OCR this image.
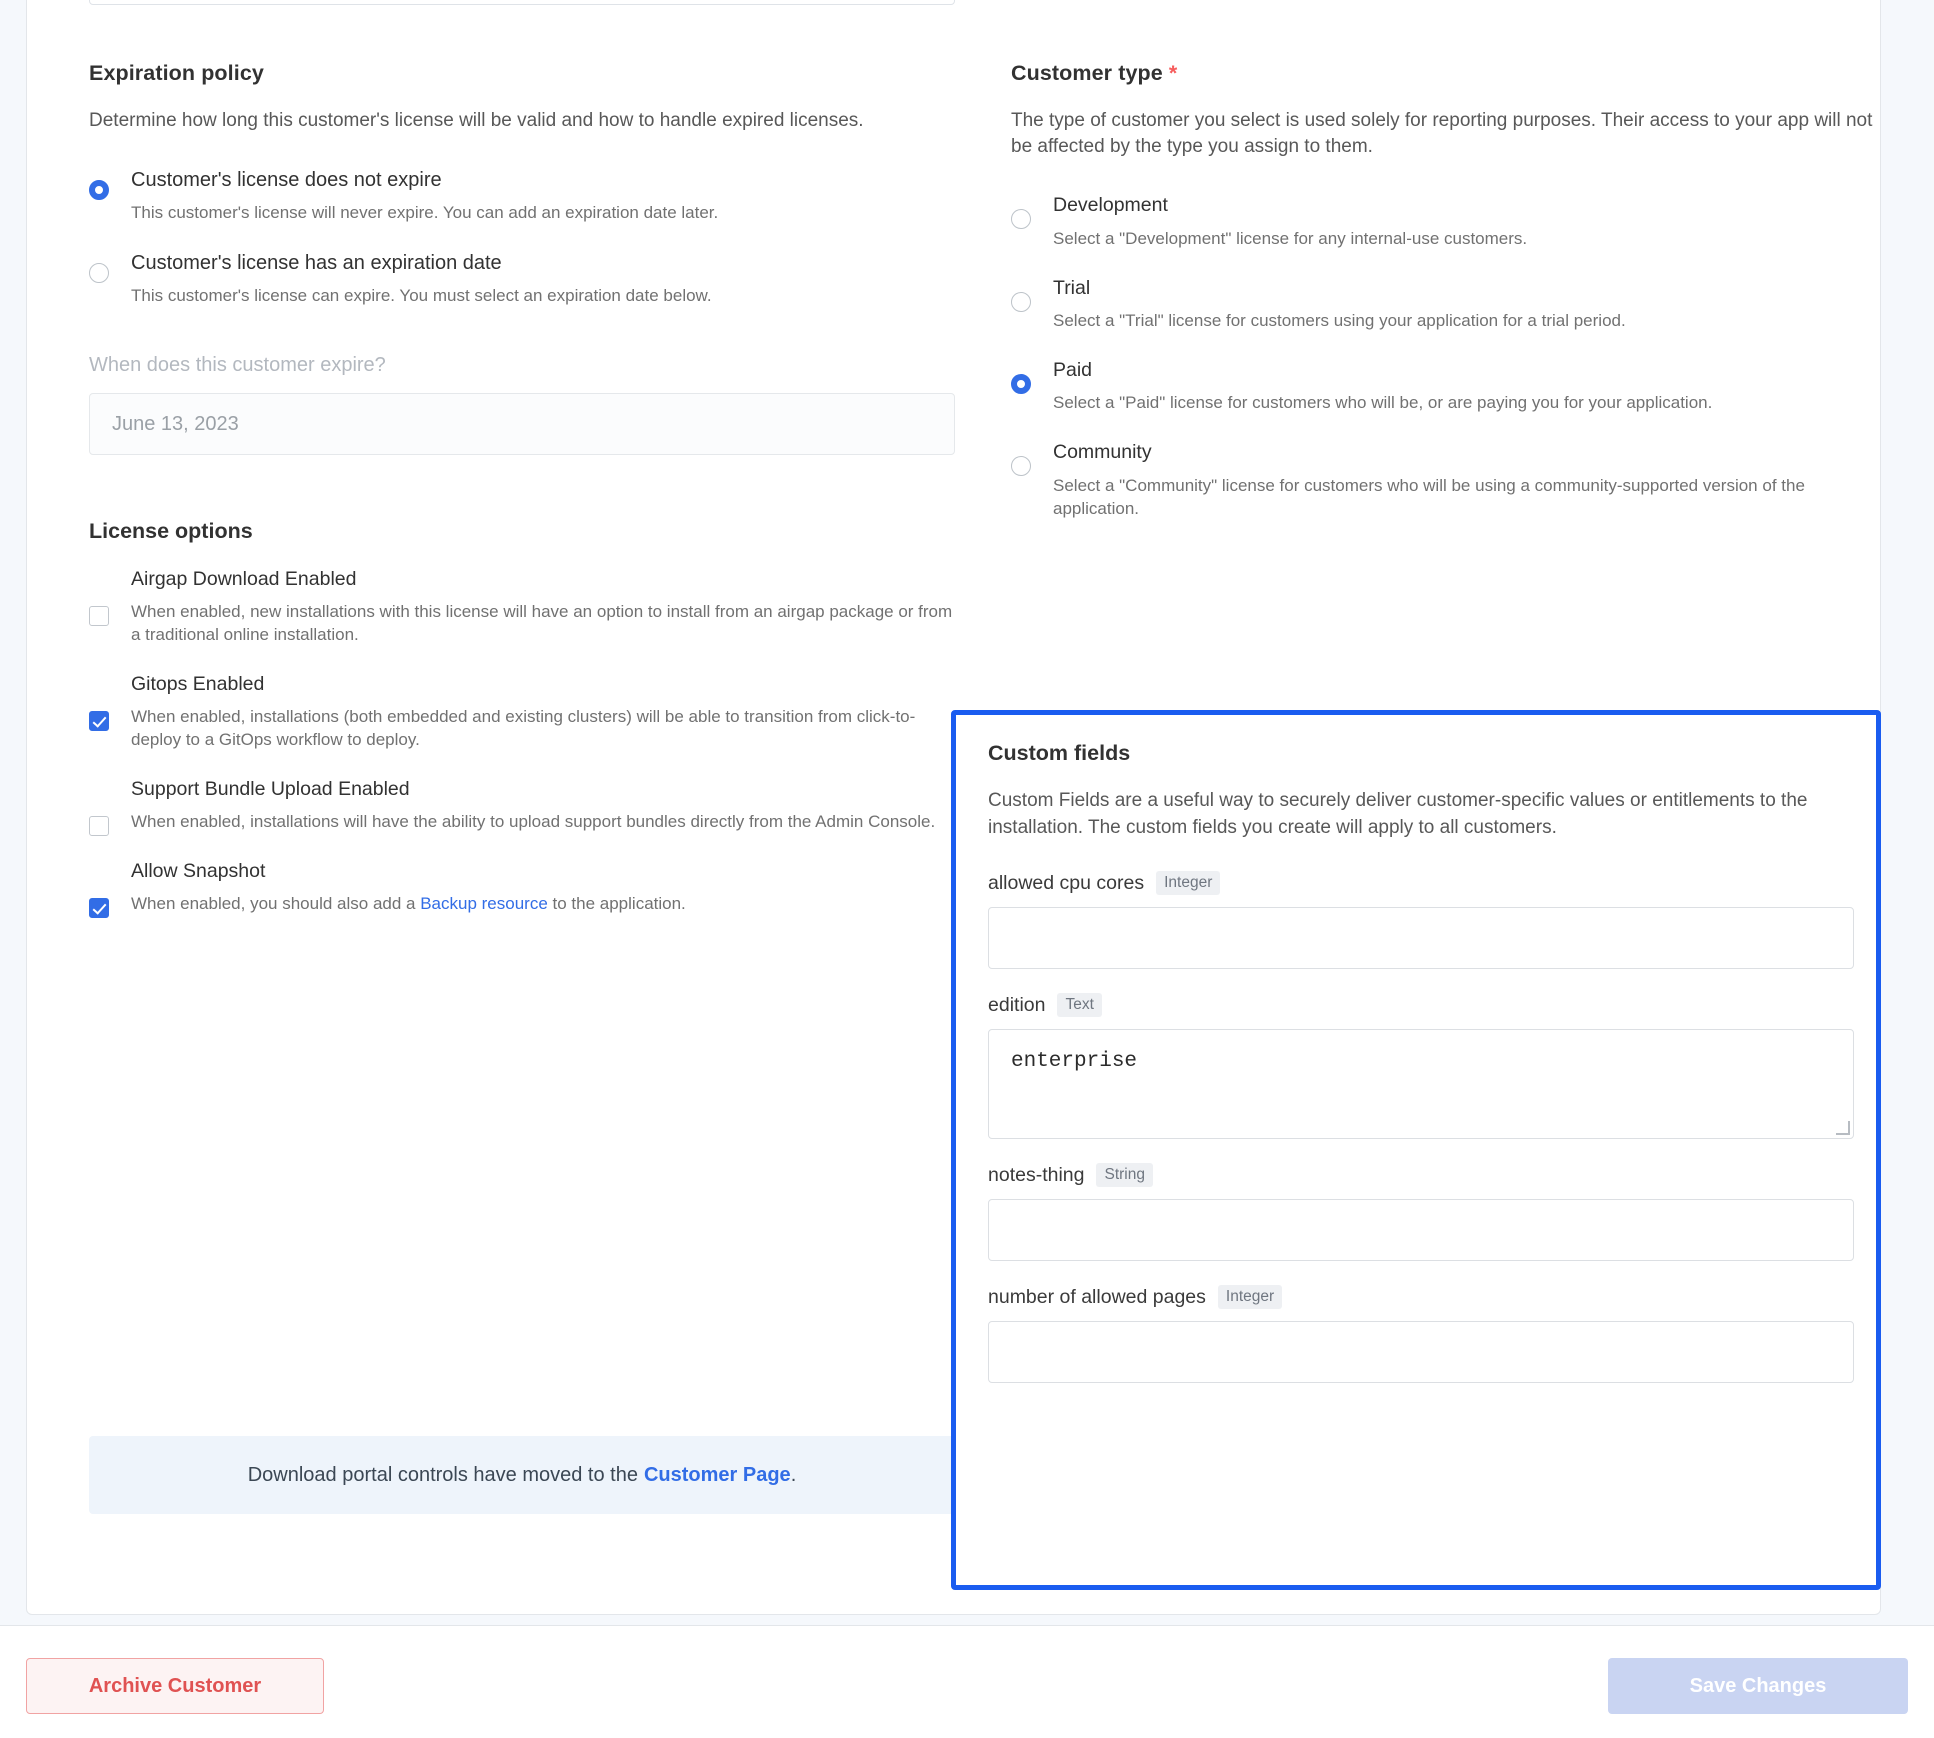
Expiration policy

Determine how long this customer's license will be valid and how to handle expired licenses.

Customer's license does not expire
This customer's license will never expire. You can add an expiration date later.
Customer's license has an expiration date
This customer's license can expire. You must select an expiration date below.
When does this customer expire?
June 13, 2023
License options
Airgap Download Enabled
When enabled, new installations with this license will have an option to install from an airgap package or from a traditional online installation.
Gitops Enabled
When enabled, installations (both embedded and existing clusters) will be able to transition from click-to-deploy to a GitOps workflow to deploy.
Support Bundle Upload Enabled
When enabled, installations will have the ability to upload support bundles directly from the Admin Console.
Allow Snapshot
When enabled, you should also add a Backup resource to the application.
Customer type *

The type of customer you select is used solely for reporting purposes. Their access to your app will not be affected by the type you assign to them.

Development
Select a "Development" license for any internal-use customers.
Trial
Select a "Trial" license for customers using your application for a trial period.
Paid
Select a "Paid" license for customers who will be, or are paying you for your application.
Community
Select a "Community" license for customers who will be using a community-supported version of the application.
Download portal controls have moved to the Customer Page .
Custom fields

Custom Fields are a useful way to securely deliver customer-specific values or entitlements to the installation. The custom fields you create will apply to all customers.

allowed cpu cores	Integer
edition	Text
enterprise
notes-thing	String
number of allowed pages	Integer
Archive Customer	Save Changes
